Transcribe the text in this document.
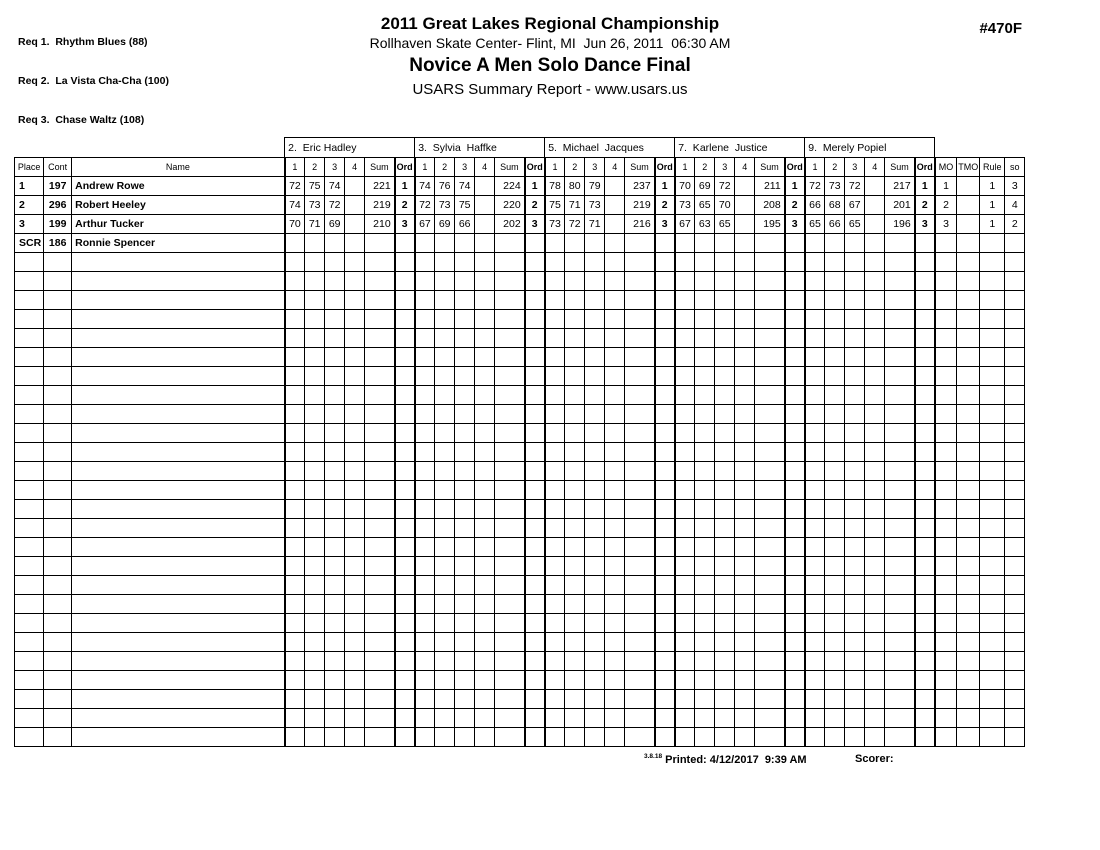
Req 1.  Rhythm Blues (88)

Req 2.  La Vista Cha-Cha (100)

Req 3.  Chase Waltz (108)

2011 Great Lakes Regional Championship
Rollhaven Skate Center- Flint, MI  Jun 26, 2011  06:30 AM
Novice A Men Solo Dance Final
USARS Summary Report - www.usars.us
#470F
			2.  Eric Hadley						3.  Sylvia  Haffke						5.  Michael  Jacques						7.  Karlene  Justice						9.  Merely Popiel									
Place	Cont	Name	1	2	3	4	Sum	Ord	1	2	3	4	Sum	Ord	1	2	3	4	Sum	Ord	1	2	3	4	Sum	Ord	1	2	3	4	Sum	Ord	MO	TMO	Rule	so
1	197	Andrew Rowe	72	75	74		221	1	74	76	74		224	1	78	80	79		237	1	70	69	72		211	1	72	73	72		217	1	1		1	3
2	296	Robert Heeley	74	73	72		219	2	72	73	75		220	2	75	71	73		219	2	73	65	70		208	2	66	68	67		201	2	2		1	4
3	199	Arthur Tucker	70	71	69		210	3	67	69	66		202	3	73	72	71		216	3	67	63	65		195	3	65	66	65		196	3	3		1	2
SCR	186	Ronnie Spencer																																		

$^{3.8.18}$ Printed: 4/12/2017  9:39 AM	Scorer:
